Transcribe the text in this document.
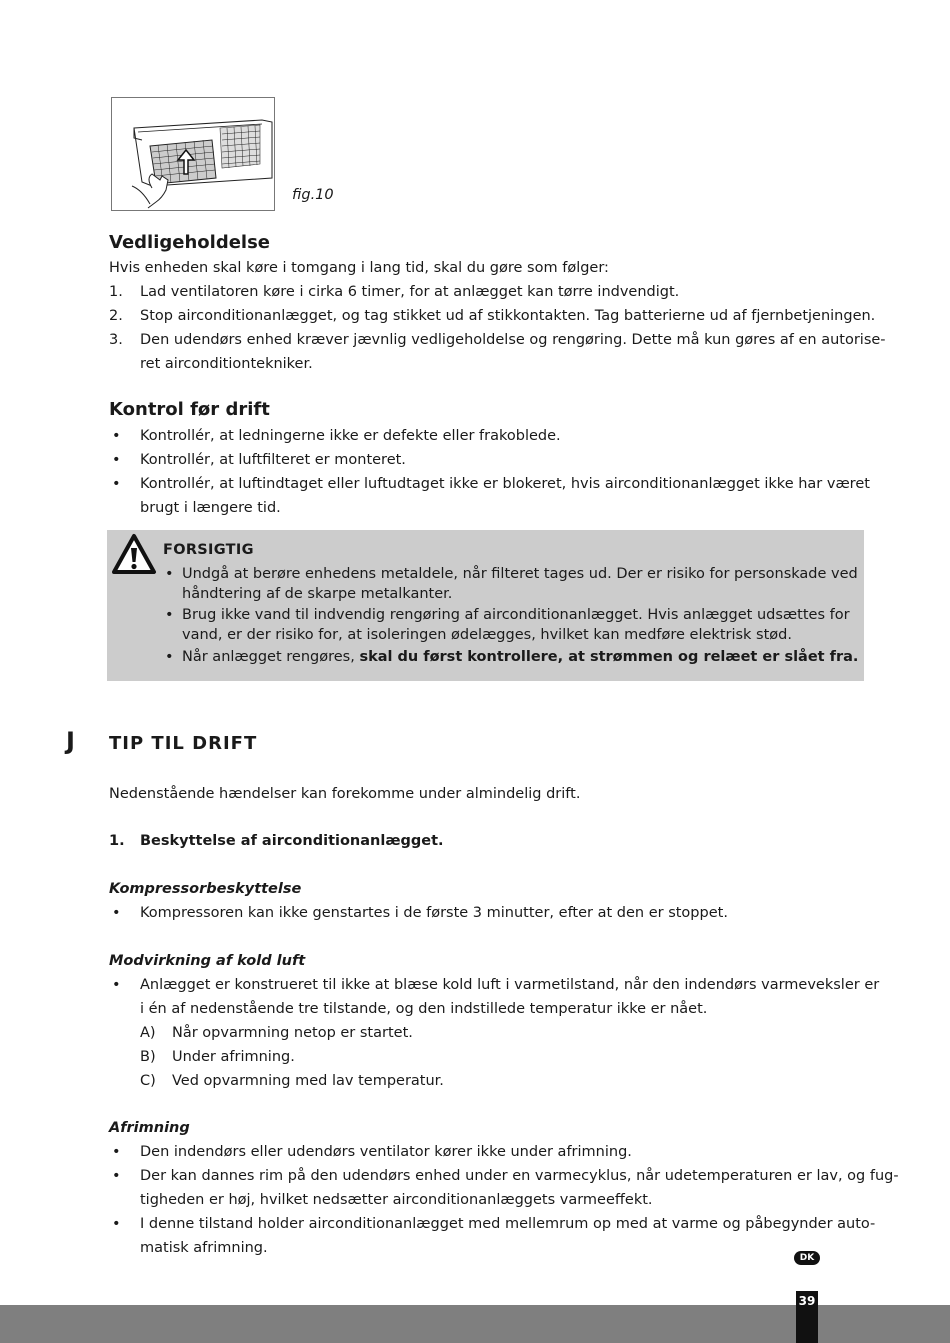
fig.10
Vedligeholdelse
Hvis enheden skal køre i tomgang i lang tid, skal du gøre som følger:
1. Lad ventilatoren køre i cirka 6 timer, for at anlægget kan tørre indvendigt.
2. Stop airconditionanlægget, og tag stikket ud af stikkontakten. Tag batterierne ud af fjernbetjeningen.
3. Den udendørs enhed kræver jævnlig vedligeholdelse og rengøring. Dette må kun gøres af en autorise-
ret airconditiontekniker.
Kontrol før drift
• Kontrollér, at ledningerne ikke er defekte eller frakoblede.
• Kontrollér, at luftfilteret er monteret.
• Kontrollér, at luftindtaget eller luftudtaget ikke er blokeret, hvis airconditionanlægget ikke har været
brugt i længere tid.
FORSIGTIG
• Undgå at berøre enhedens metaldele, når filteret tages ud. Der er risiko for personskade ved
håndtering af de skarpe metalkanter.
• Brug ikke vand til indvendig rengøring af airconditionanlægget. Hvis anlægget udsættes for
vand, er der risiko for, at isoleringen ødelægges, hvilket kan medføre elektrisk stød.
• Når anlægget rengøres, skal du først kontrollere, at strømmen og relæet er slået fra.
J TIP TIL DRIFT
Nedenstående hændelser kan forekomme under almindelig drift.
1. Beskyttelse af airconditionanlægget.
Kompressorbeskyttelse
• Kompressoren kan ikke genstartes i de første 3 minutter, efter at den er stoppet.
Modvirkning af kold luft
• Anlægget er konstrueret til ikke at blæse kold luft i varmetilstand, når den indendørs varmeveksler er
i én af nedenstående tre tilstande, og den indstillede temperatur ikke er nået.
A) Når opvarmning netop er startet.
B) Under afrimning.
C) Ved opvarmning med lav temperatur.
Afrimning
• Den indendørs eller udendørs ventilator kører ikke under afrimning.
• Der kan dannes rim på den udendørs enhed under en varmecyklus, når udetemperaturen er lav, og fug-
tigheden er høj, hvilket nedsætter airconditionanlæggets varmeeffekt.
• I denne tilstand holder airconditionanlægget med mellemrum op med at varme og påbegynder auto-
matisk afrimning.
DK
39
